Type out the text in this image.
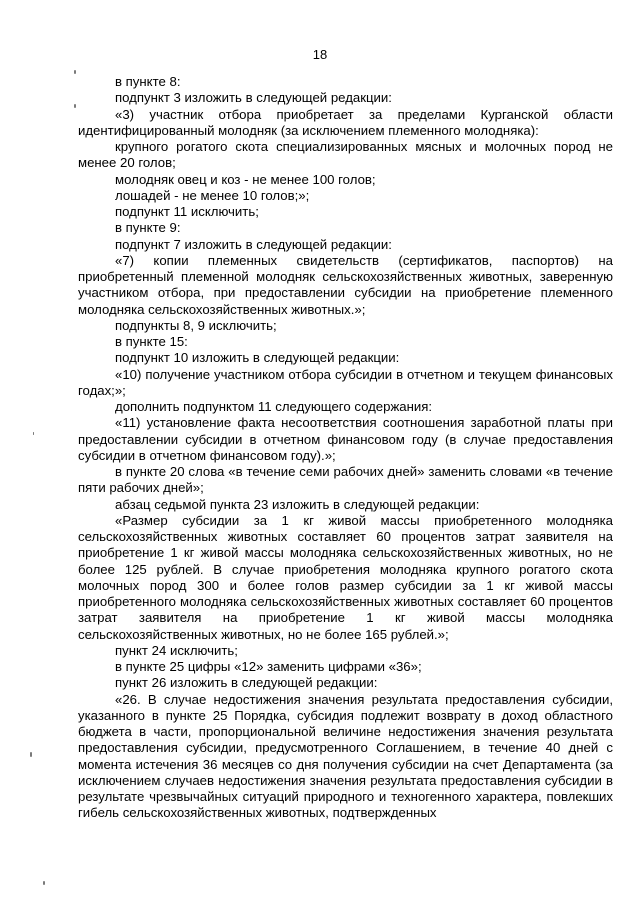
18

в пункте 8:

подпункт 3 изложить в следующей редакции:

«3) участник отбора приобретает за пределами Курганской области идентифицированный молодняк (за исключением племенного молодняка):

крупного рогатого скота специализированных мясных и молочных пород не менее 20 голов;

молодняк овец и коз - не менее 100 голов;

лошадей - не менее 10 голов;»;

подпункт 11 исключить;

в пункте 9:

подпункт 7 изложить в следующей редакции:

«7) копии племенных свидетельств (сертификатов, паспортов) на приобретенный племенной молодняк сельскохозяйственных животных, заверенную участником отбора, при предоставлении субсидии на приобретение племенного молодняка сельскохозяйственных животных.»;

подпункты 8, 9 исключить;

в пункте 15:

подпункт 10 изложить в следующей редакции:

«10) получение участником отбора субсидии в отчетном и текущем финансовых годах;»;

дополнить подпунктом 11 следующего содержания:

«11) установление факта несоответствия соотношения заработной платы при предоставлении субсидии в отчетном финансовом году (в случае предоставления субсидии в отчетном финансовом году).»;

в пункте 20 слова «в течение семи рабочих дней» заменить словами «в течение пяти рабочих дней»;

абзац седьмой пункта 23 изложить в следующей редакции:

«Размер субсидии за 1 кг живой массы приобретенного молодняка сельскохозяйственных животных составляет 60 процентов затрат заявителя на приобретение 1 кг живой массы молодняка сельскохозяйственных животных, но не более 125 рублей. В случае приобретения молодняка крупного рогатого скота молочных пород 300 и более голов размер субсидии за 1 кг живой массы приобретенного молодняка сельскохозяйственных животных составляет 60 процентов затрат заявителя на приобретение 1 кг живой массы молодняка сельскохозяйственных животных, но не более 165 рублей.»;

пункт 24 исключить;

в пункте 25 цифры «12» заменить цифрами «36»;

пункт 26 изложить в следующей редакции:

«26. В случае недостижения значения результата предоставления субсидии, указанного в пункте 25 Порядка, субсидия подлежит возврату в доход областного бюджета в части, пропорциональной величине недостижения значения результата предоставления субсидии, предусмотренного Соглашением, в течение 40 дней с момента истечения 36 месяцев со дня получения субсидии на счет Департамента (за исключением случаев недостижения значения результата предоставления субсидии в результате чрезвычайных ситуаций природного и техногенного характера, повлекших гибель сельскохозяйственных животных, подтвержденных
